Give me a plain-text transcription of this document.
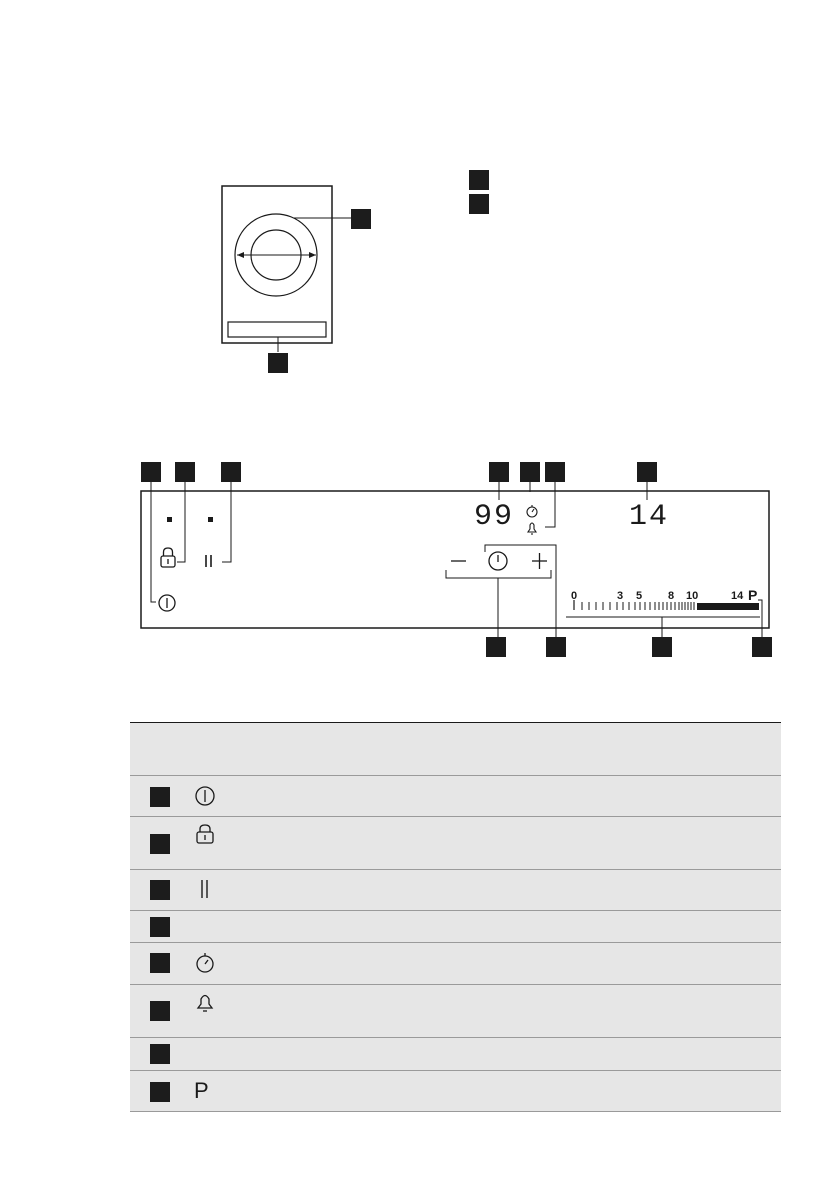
99	14
0	3 5 8 10	14 P
P
